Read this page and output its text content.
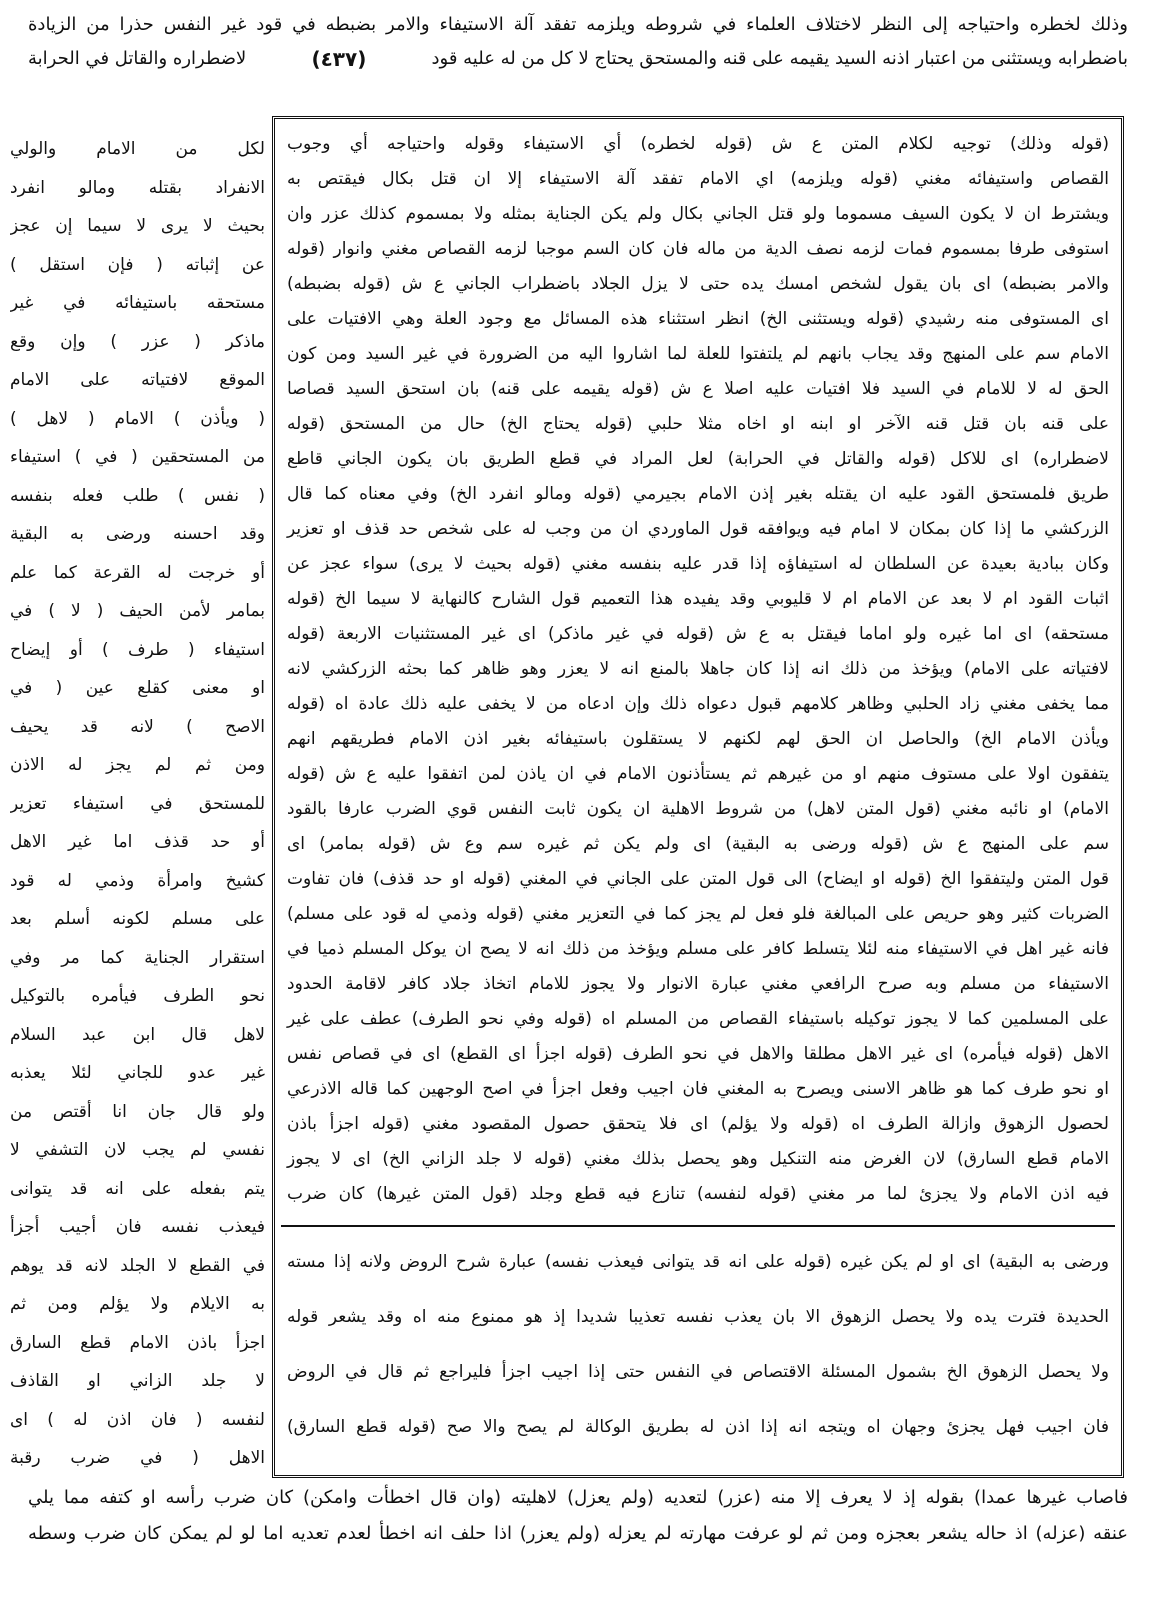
وذلك لخطره واحتياجه إلى النظر لاختلاف العلماء في شروطه ويلزمه تفقد آلة الاستيفاء والامر بضبطه في قود غير النفس حذرا من الزيادة
باضطرابه ويستثنى من اعتبار اذنه السيد يقيمه على قنه والمستحق يحتاج لا كل من له عليه قود
(٤٣٧)
لاضطراره والقاتل في الحرابة
(قوله وذلك) توجيه لكلام المتن ع ش (قوله لخطره) أي الاستيفاء وقوله واحتياجه أي وجوب
القصاص واستيفائه مغني (قوله ويلزمه) اي الامام تفقد آلة الاستيفاء إلا ان قتل بكال فيقتص به
ويشترط ان لا يكون السيف مسموما ولو قتل الجاني بكال ولم يكن الجناية بمثله ولا بمسموم كذلك عزر وان
استوفى طرفا بمسموم فمات لزمه نصف الدية من ماله فان كان السم موجبا لزمه القصاص مغني وانوار (قوله
والامر بضبطه) اى بان يقول لشخص امسك يده حتى لا يزل الجلاد باضطراب الجاني ع ش (قوله بضبطه)
اى المستوفى منه رشيدي (قوله ويستثنى الخ) انظر استثناء هذه المسائل مع وجود العلة وهي الافتيات على
الامام سم على المنهج وقد يجاب بانهم لم يلتفتوا للعلة لما اشاروا اليه من الضرورة في غير السيد ومن كون
الحق له لا للامام في السيد فلا افتيات عليه اصلا ع ش (قوله يقيمه على قنه) بان استحق السيد قصاصا
على قنه بان قتل قنه الآخر او ابنه او اخاه مثلا حلبي (قوله يحتاج الخ) حال من المستحق (قوله
لاضطراره) اى للاكل (قوله والقاتل في الحرابة) لعل المراد في قطع الطريق بان يكون الجاني قاطع
طريق فلمستحق القود عليه ان يقتله بغير إذن الامام بجيرمي (قوله ومالو انفرد الخ) وفي معناه كما قال
الزركشي ما إذا كان بمكان لا امام فيه ويوافقه قول الماوردي ان من وجب له على شخص حد قذف او تعزير
وكان ببادية بعيدة عن السلطان له استيفاؤه إذا قدر عليه بنفسه مغني (قوله بحيث لا يرى) سواء عجز عن
اثبات القود ام لا بعد عن الامام ام لا قليوبي وقد يفيده هذا التعميم قول الشارح كالنهاية لا سيما الخ (قوله
مستحقه) اى اما غيره ولو اماما فيقتل به ع ش (قوله في غير ماذكر) اى غير المستثنيات الاربعة (قوله
لافتياته على الامام) ويؤخذ من ذلك انه إذا كان جاهلا بالمنع انه لا يعزر وهو ظاهر كما بحثه الزركشي لانه
مما يخفى مغني زاد الحلبي وظاهر كلامهم قبول دعواه ذلك وإن ادعاه من لا يخفى عليه ذلك عادة اه (قوله
ويأذن الامام الخ) والحاصل ان الحق لهم لكنهم لا يستقلون باستيفائه بغير اذن الامام فطريقهم انهم
يتفقون اولا على مستوف منهم او من غيرهم ثم يستأذنون الامام في ان ياذن لمن اتفقوا عليه ع ش (قوله
الامام) او نائبه مغني (قول المتن لاهل) من شروط الاهلية ان يكون ثابت النفس قوي الضرب عارفا بالقود
سم على المنهج ع ش (قوله ورضى به البقية) اى ولم يكن ثم غيره سم وع ش (قوله بمامر) اى
قول المتن وليتفقوا الخ (قوله او ايضاح) الى قول المتن على الجاني في المغني (قوله او حد قذف) فان تفاوت
الضربات كثير وهو حريص على المبالغة فلو فعل لم يجز كما في التعزير مغني (قوله وذمي له قود على مسلم)
فانه غير اهل في الاستيفاء منه لئلا يتسلط كافر على مسلم ويؤخذ من ذلك انه لا يصح ان يوكل المسلم ذميا في
الاستيفاء من مسلم وبه صرح الرافعي مغني عبارة الانوار ولا يجوز للامام اتخاذ جلاد كافر لاقامة الحدود
على المسلمين كما لا يجوز توكيله باستيفاء القصاص من المسلم اه (قوله وفي نحو الطرف) عطف على غير
الاهل (قوله فيأمره) اى غير الاهل مطلقا والاهل في نحو الطرف (قوله اجزأ اى القطع) اى في قصاص نفس
او نحو طرف كما هو ظاهر الاسنى ويصرح به المغني فان اجيب وفعل اجزأ في اصح الوجهين كما قاله الاذرعي
لحصول الزهوق وازالة الطرف اه (قوله ولا يؤلم) اى فلا يتحقق حصول المقصود مغني (قوله اجزأ باذن
الامام قطع السارق) لان الغرض منه التنكيل وهو يحصل بذلك مغني (قوله لا جلد الزاني الخ) اى لا يجوز
فيه اذن الامام ولا يجزئ لما مر مغني (قوله لنفسه) تنازع فيه قطع وجلد (قول المتن غيرها) كان ضرب
ورضى به البقية) اى او لم يكن غيره (قوله على انه قد يتوانى فيعذب نفسه) عبارة شرح الروض ولانه إذا مسته
الحديدة فترت يده ولا يحصل الزهوق الا بان يعذب نفسه تعذيبا شديدا إذ هو ممنوع منه اه وقد يشعر قوله
ولا يحصل الزهوق الخ بشمول المسئلة الاقتصاص في النفس حتى إذا اجيب اجزأ فليراجع ثم قال في الروض
فان اجيب فهل يجزئ وجهان اه ويتجه انه إذا اذن له بطريق الوكالة لم يصح والا صح (قوله قطع السارق)
لكل من الامام والولي
الانفراد بقتله ومالو انفرد
بحيث لا يرى لا سيما إن عجز
عن إثباته ( فإن استقل )
مستحقه باستيفائه في غير
ماذكر ( عزر ) وإن وقع
الموقع لافتياته على الامام
( ويأذن ) الامام ( لاهل )
من المستحقين ( في ) استيفاء
( نفس ) طلب فعله بنفسه
وقد احسنه ورضى به البقية
أو خرجت له القرعة كما علم
بمامر لأمن الحيف ( لا ) في
استيفاء ( طرف ) أو إيضاح
او معنى كقلع عين ( في
الاصح ) لانه قد يحيف
ومن ثم لم يجز له الاذن
للمستحق في استيفاء تعزير
أو حد قذف اما غير الاهل
كشيخ وامرأة وذمي له قود
على مسلم لكونه أسلم بعد
استقرار الجناية كما مر وفي
نحو الطرف فيأمره بالتوكيل
لاهل قال ابن عبد السلام
غير عدو للجاني لئلا يعذبه
ولو قال جان انا أقتص من
نفسي لم يجب لان التشفي لا
يتم بفعله على انه قد يتوانى
فيعذب نفسه فان أجيب أجزأ
في القطع لا الجلد لانه قد يوهم
به الايلام ولا يؤلم ومن ثم
اجزأ باذن الامام قطع السارق
لا جلد الزاني او القاذف
لنفسه ( فان اذن له ) اى
الاهل ( في ضرب رقبة
فاصاب غيرها عمدا) بقوله إذ لا يعرف إلا منه (عزر) لتعديه (ولم يعزل) لاهليته (وان قال اخطأت وامكن) كان ضرب رأسه او كتفه مما يلي
عنقه (عزله) اذ حاله يشعر بعجزه ومن ثم لو عرفت مهارته لم يعزله (ولم يعزر) اذا حلف انه اخطأ لعدم تعديه اما لو لم يمكن كان ضرب وسطه
